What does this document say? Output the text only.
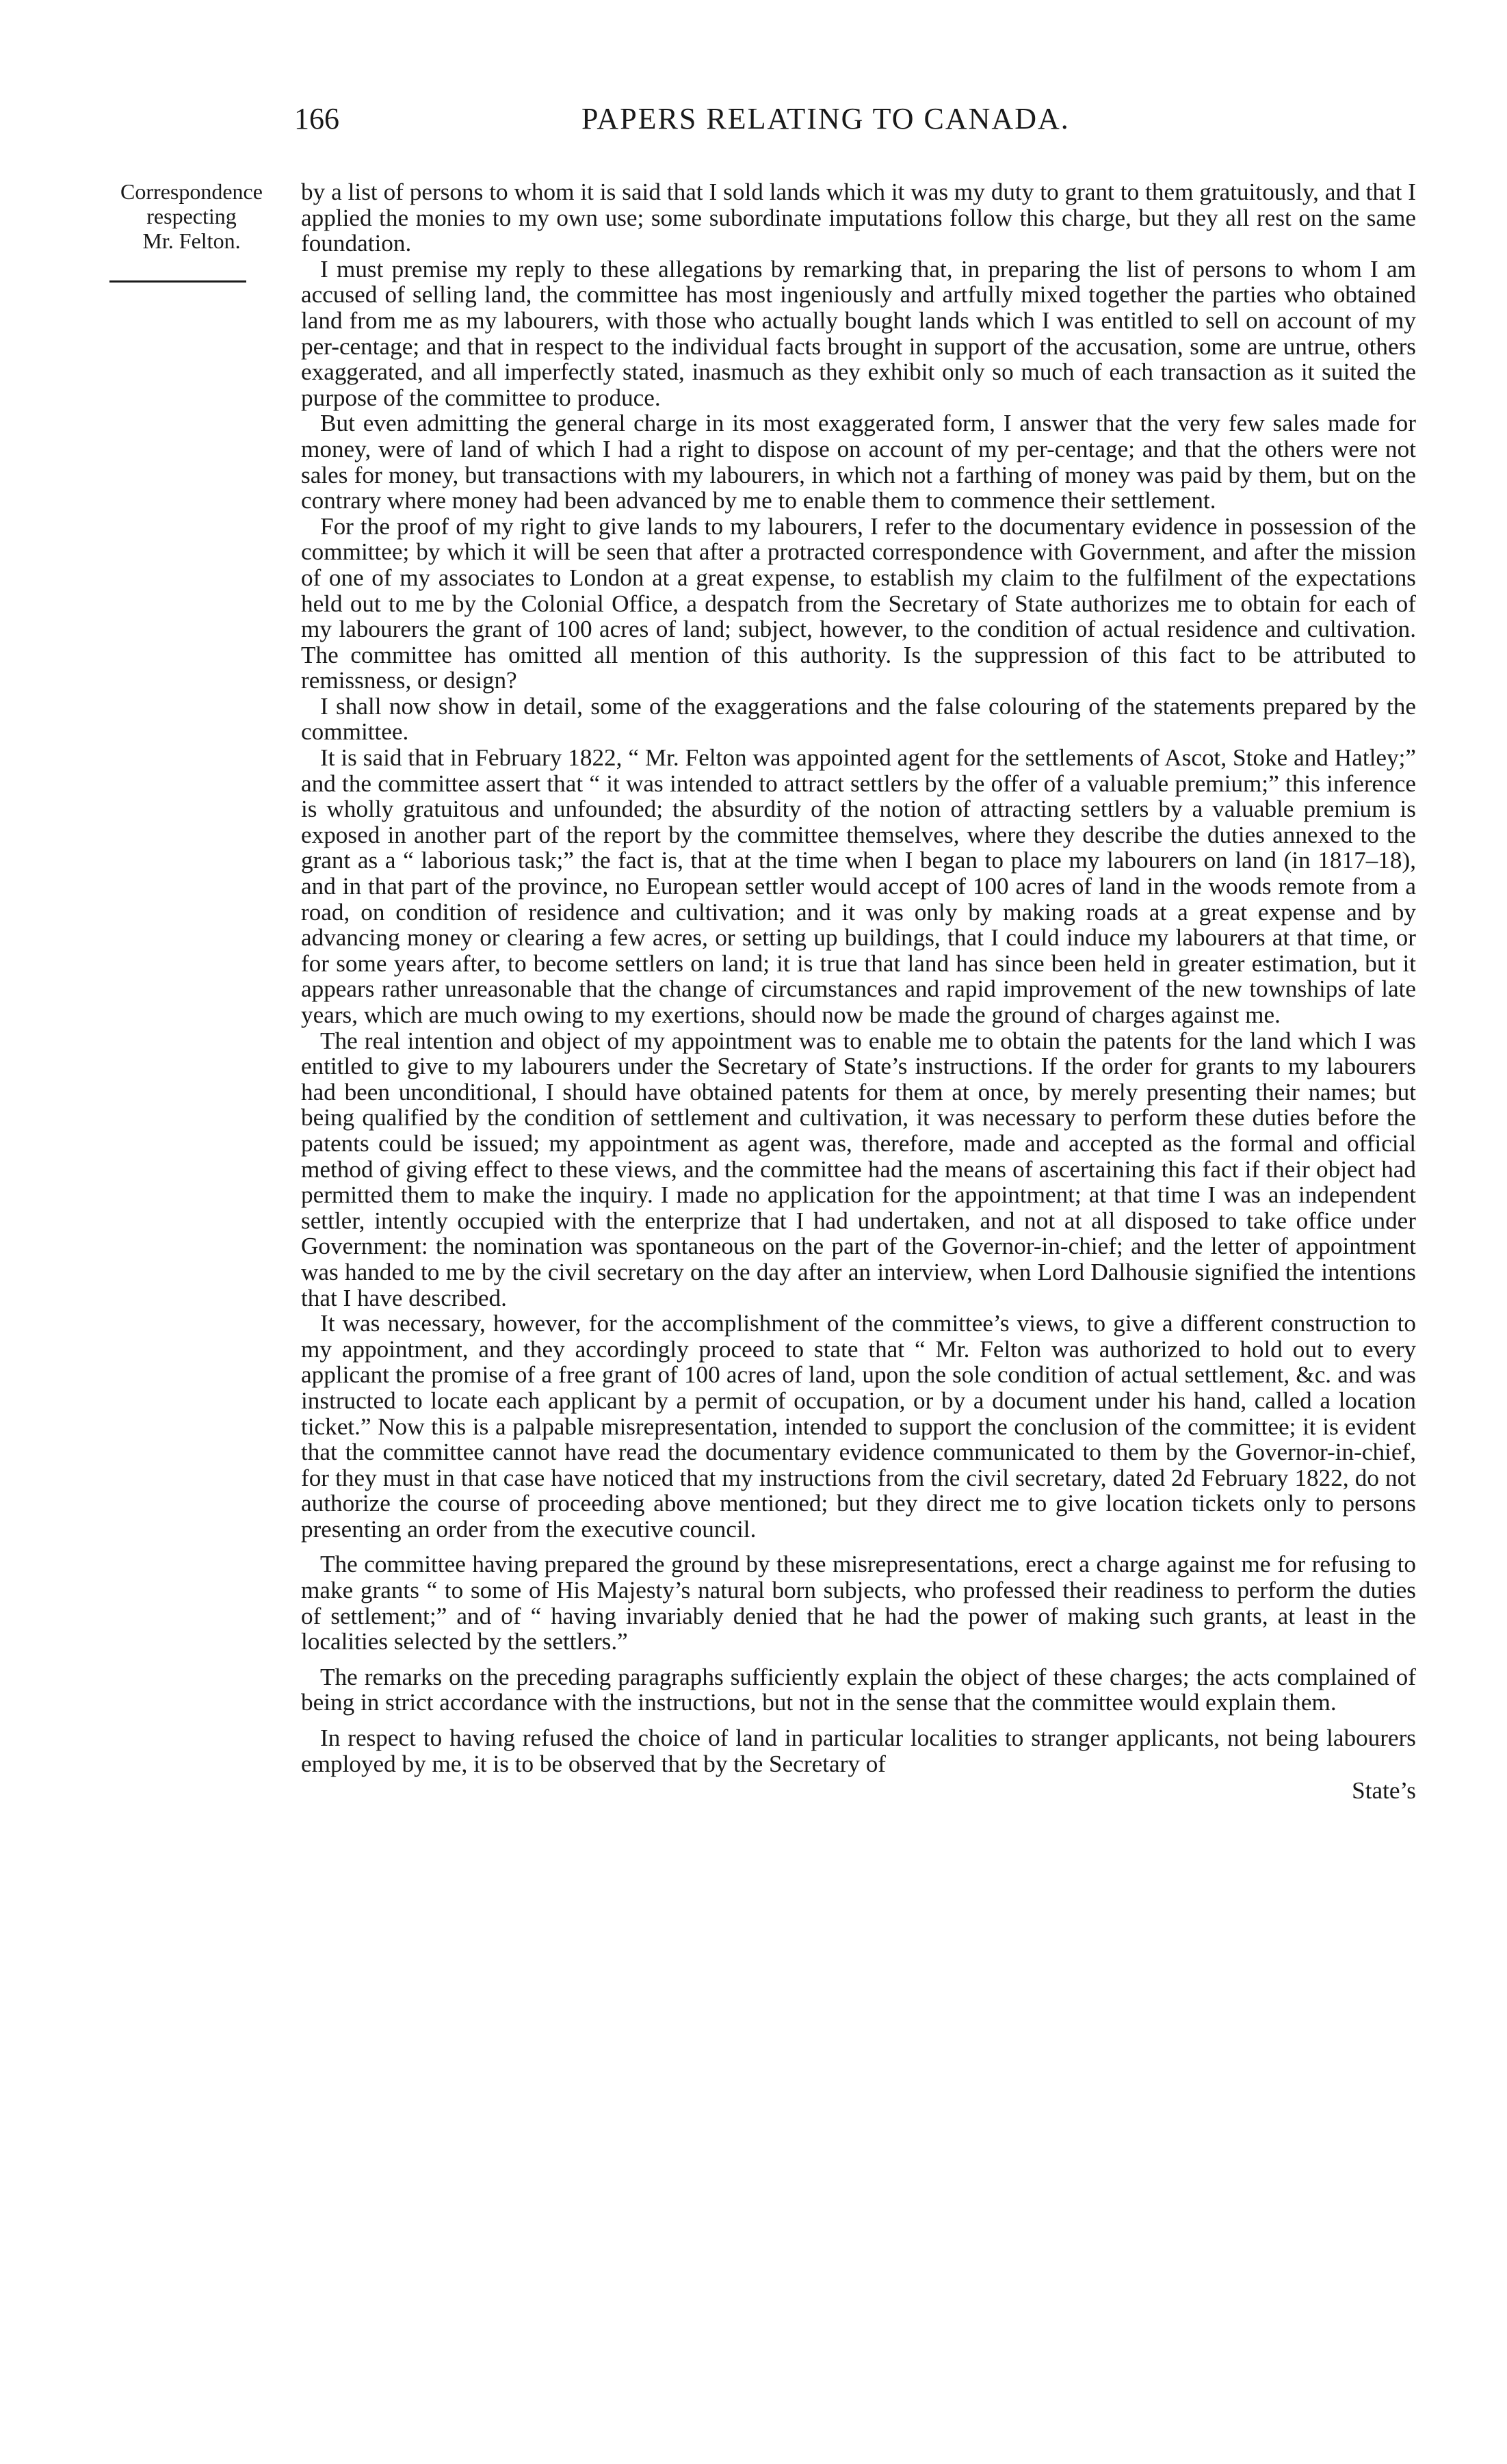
166	PAPERS RELATING TO CANADA.
Correspondence
respecting
Mr. Felton.

by a list of persons to whom it is said that I sold lands which it was my duty to grant to them gratuitously, and that I applied the monies to my own use; some subordinate imputations follow this charge, but they all rest on the same foundation.

I must premise my reply to these allegations by remarking that, in preparing the list of persons to whom I am accused of selling land, the committee has most ingeniously and artfully mixed together the parties who obtained land from me as my labourers, with those who actually bought lands which I was entitled to sell on account of my per-centage; and that in respect to the individual facts brought in support of the accusation, some are untrue, others exaggerated, and all imperfectly stated, inasmuch as they exhibit only so much of each transaction as it suited the purpose of the committee to produce.

But even admitting the general charge in its most exaggerated form, I answer that the very few sales made for money, were of land of which I had a right to dispose on account of my per-centage; and that the others were not sales for money, but transactions with my labourers, in which not a farthing of money was paid by them, but on the contrary where money had been advanced by me to enable them to commence their settlement.

For the proof of my right to give lands to my labourers, I refer to the documentary evidence in possession of the committee; by which it will be seen that after a protracted correspondence with Government, and after the mission of one of my associates to London at a great expense, to establish my claim to the fulfilment of the expectations held out to me by the Colonial Office, a despatch from the Secretary of State authorizes me to obtain for each of my labourers the grant of 100 acres of land; subject, however, to the condition of actual residence and cultivation. The committee has omitted all mention of this authority. Is the suppression of this fact to be attributed to remissness, or design?

I shall now show in detail, some of the exaggerations and the false colouring of the statements prepared by the committee.

It is said that in February 1822, “ Mr. Felton was appointed agent for the settlements of Ascot, Stoke and Hatley;” and the committee assert that “ it was intended to attract settlers by the offer of a valuable premium;” this inference is wholly gratuitous and unfounded; the absurdity of the notion of attracting settlers by a valuable premium is exposed in another part of the report by the committee themselves, where they describe the duties annexed to the grant as a “ laborious task;” the fact is, that at the time when I began to place my labourers on land (in 1817–18), and in that part of the province, no European settler would accept of 100 acres of land in the woods remote from a road, on condition of residence and cultivation; and it was only by making roads at a great expense and by advancing money or clearing a few acres, or setting up buildings, that I could induce my labourers at that time, or for some years after, to become settlers on land; it is true that land has since been held in greater estimation, but it appears rather unreasonable that the change of circumstances and rapid improvement of the new townships of late years, which are much owing to my exertions, should now be made the ground of charges against me.

The real intention and object of my appointment was to enable me to obtain the patents for the land which I was entitled to give to my labourers under the Secretary of State’s instructions. If the order for grants to my labourers had been unconditional, I should have obtained patents for them at once, by merely presenting their names; but being qualified by the condition of settlement and cultivation, it was necessary to perform these duties before the patents could be issued; my appointment as agent was, therefore, made and accepted as the formal and official method of giving effect to these views, and the committee had the means of ascertaining this fact if their object had permitted them to make the inquiry. I made no application for the appointment; at that time I was an independent settler, intently occupied with the enterprize that I had undertaken, and not at all disposed to take office under Government: the nomination was spontaneous on the part of the Governor-in-chief; and the letter of appointment was handed to me by the civil secretary on the day after an interview, when Lord Dalhousie signified the intentions that I have described.

It was necessary, however, for the accomplishment of the committee’s views, to give a different construction to my appointment, and they accordingly proceed to state that “ Mr. Felton was authorized to hold out to every applicant the promise of a free grant of 100 acres of land, upon the sole condition of actual settlement, &c. and was instructed to locate each applicant by a permit of occupation, or by a document under his hand, called a location ticket.” Now this is a palpable misrepresentation, intended to support the conclusion of the committee; it is evident that the committee cannot have read the documentary evidence communicated to them by the Governor-in-chief, for they must in that case have noticed that my instructions from the civil secretary, dated 2d February 1822, do not authorize the course of proceeding above mentioned; but they direct me to give location tickets only to persons presenting an order from the executive council.

The committee having prepared the ground by these misrepresentations, erect a charge against me for refusing to make grants “ to some of His Majesty’s natural born subjects, who professed their readiness to perform the duties of settlement;” and of “ having invariably denied that he had the power of making such grants, at least in the localities selected by the settlers.”

The remarks on the preceding paragraphs sufficiently explain the object of these charges; the acts complained of being in strict accordance with the instructions, but not in the sense that the committee would explain them.

In respect to having refused the choice of land in particular localities to stranger applicants, not being labourers employed by me, it is to be observed that by the Secretary of

State’s
